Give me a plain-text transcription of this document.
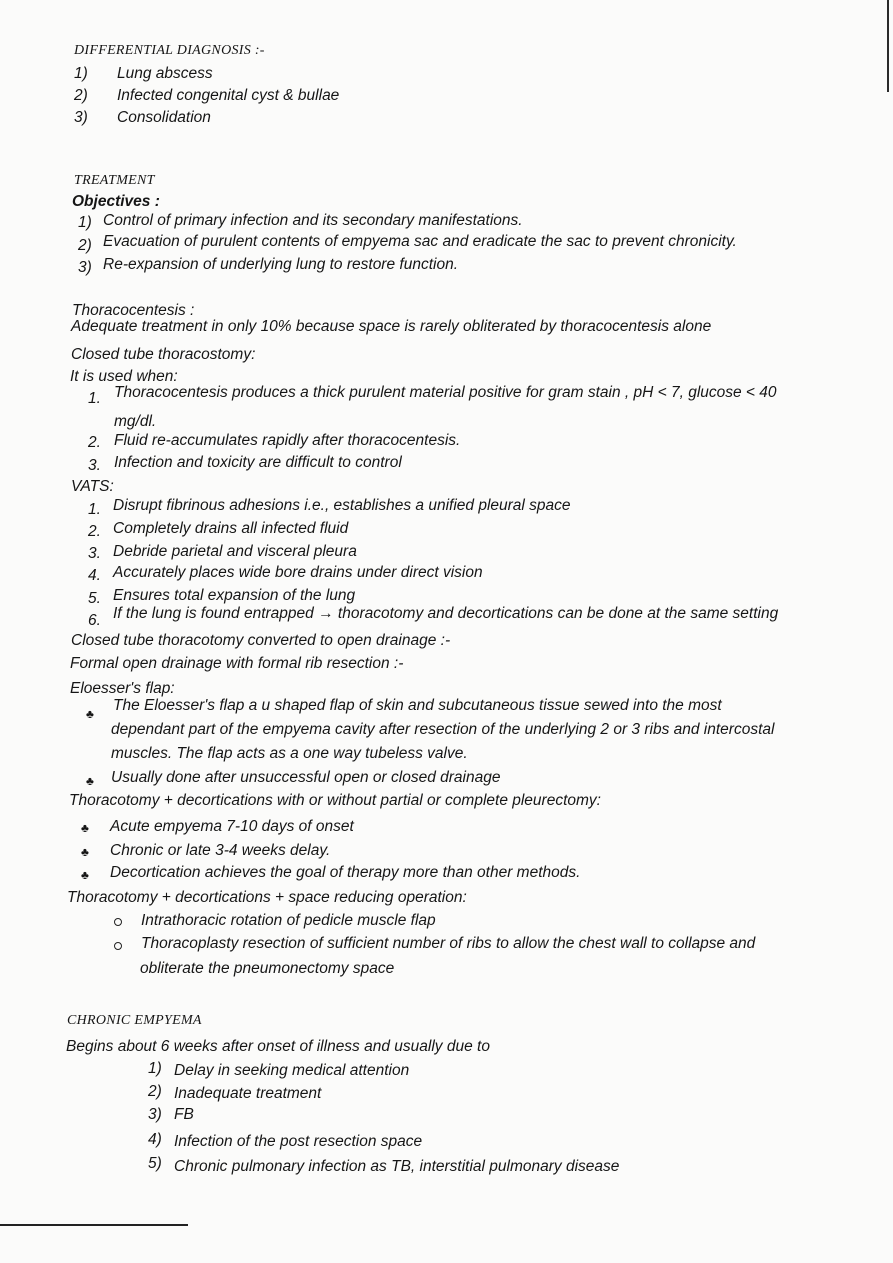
DIFFERENTIAL DIAGNOSIS :-
1) Lung abscess
2) Infected congenital cyst & bullae
3) Consolidation
TREATMENT
Objectives :
1) Control of primary infection and its secondary manifestations.
2) Evacuation of purulent contents of empyema sac and eradicate the sac to prevent chronicity.
3) Re-expansion of underlying lung to restore function.
Thoracocentesis :
Adequate treatment in only 10% because space is rarely obliterated by thoracocentesis alone
Closed tube thoracostomy:
It is used when:
1. Thoracocentesis produces a thick purulent material positive for gram stain , pH < 7, glucose < 40
mg/dl.
2. Fluid re-accumulates rapidly after thoracocentesis.
3. Infection and toxicity are difficult to control
VATS:
1. Disrupt fibrinous adhesions i.e., establishes a unified pleural space
2. Completely drains all infected fluid
3. Debride parietal and visceral pleura
4. Accurately places wide bore drains under direct vision
5. Ensures total expansion of the lung
6. If the lung is found entrapped → thoracotomy and decortications can be done at the same setting
Closed tube thoracotomy converted to open drainage :-
Formal open drainage with formal rib resection :-
Eloesser's flap:
♣ The Eloesser's flap a u shaped flap of skin and subcutaneous tissue sewed into the most
dependant part of the empyema cavity after resection of the underlying 2 or 3 ribs and intercostal
muscles. The flap acts as a one way tubeless valve.
♣ Usually done after unsuccessful open or closed drainage
Thoracotomy + decortications with or without partial or complete pleurectomy:
♣ Acute empyema 7-10 days of onset
♣ Chronic or late 3-4 weeks delay.
♣ Decortication achieves the goal of therapy more than other methods.
Thoracotomy + decortications + space reducing operation:
Intrathoracic rotation of pedicle muscle flap
Thoracoplasty resection of sufficient number of ribs to allow the chest wall to collapse and
obliterate the pneumonectomy space
CHRONIC EMPYEMA
Begins about 6 weeks after onset of illness and usually due to
1) Delay in seeking medical attention
2) Inadequate treatment
3) FB
4) Infection of the post resection space
5) Chronic pulmonary infection as TB, interstitial pulmonary disease
